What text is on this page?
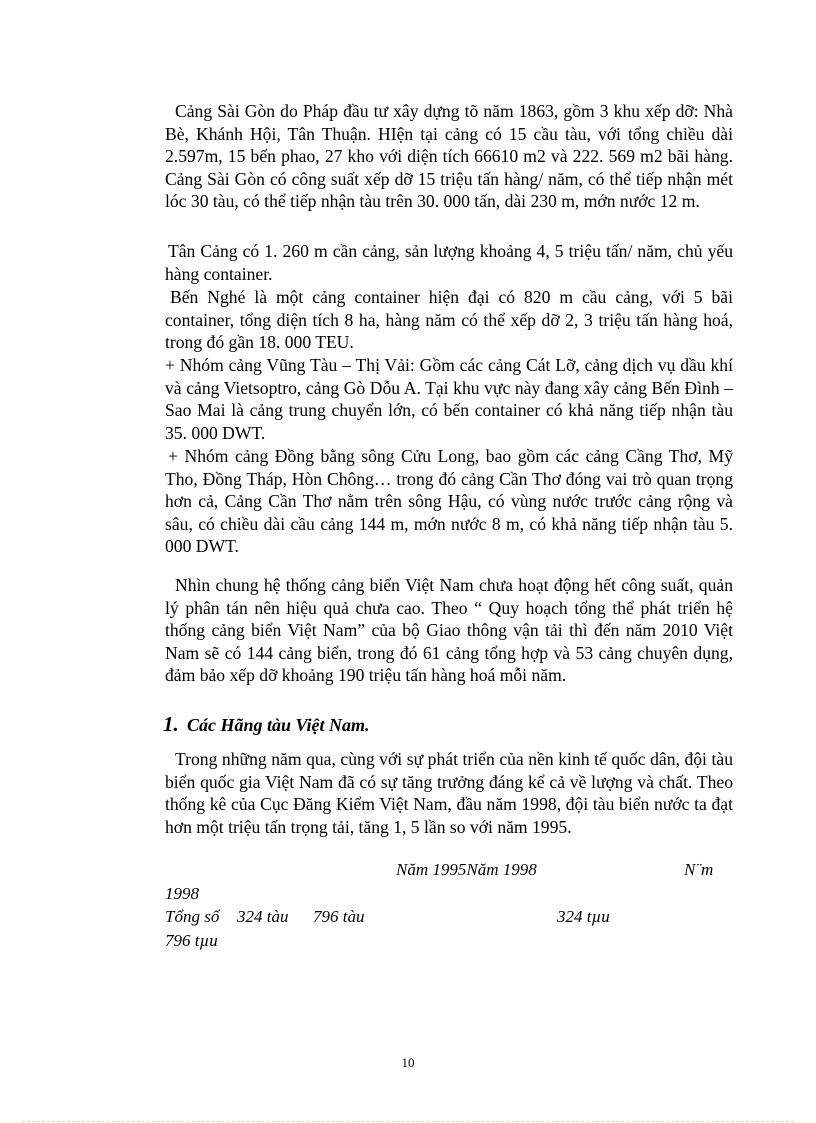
Cảng Sài Gòn do Pháp đầu tư xây dựng tõ năm 1863, gồm 3 khu xếp dỡ: Nhà Bè, Khánh Hội, Tân Thuận. HIện tại cảng có 15 cầu tàu, với tổng chiều dài 2.597m, 15 bến phao, 27 kho với diện tích 66610 m2 và 222. 569 m2 bãi hàng. Cảng Sài Gòn có công suất xếp dỡ 15 triệu tấn hàng/ năm, có thể tiếp nhận mét lóc 30 tàu, có thể tiếp nhận tàu trên 30. 000 tấn, dài 230 m, mớn nước 12 m.

Tân Cảng có 1. 260 m cần cảng, sản lượng khoảng 4, 5 triệu tấn/ năm, chủ yếu hàng container.

Bến Nghé là một cảng container hiện đại có 820 m cầu cảng, với 5 bãi container, tổng diện tích 8 ha, hàng năm có thể xếp dỡ 2, 3 triệu tấn hàng hoá, trong đó gần 18. 000 TEU.

+ Nhóm cảng Vũng Tàu – Thị Vải: Gồm các cảng Cát Lỡ, cảng dịch vụ dầu khí và cảng Vietsoptro, cảng Gò Dỗu A. Tại khu vực này đang xây cảng Bến Đình – Sao Mai là cảng trung chuyển lớn, có bến container có khả năng tiếp nhận tàu 35. 000 DWT.

+ Nhóm cảng Đồng bằng sông Cửu Long, bao gồm các cảng Cầng Thơ, Mỹ Tho, Đồng Tháp, Hòn Chông… trong đó cảng Cần Thơ đóng vai trò quan trọng hơn cả, Cảng Cần Thơ nằm trên sông Hậu, có vùng nước trước cảng rộng và sâu, có chiều dài cầu cảng 144 m, mớn nước 8 m, có khả năng tiếp nhận tàu 5. 000 DWT.

Nhìn chung hệ thống cảng biển Việt Nam chưa hoạt động hết công suất, quản lý phân tán nên hiệu quả chưa cao. Theo “ Quy hoạch tổng thể phát triển hệ thống cảng biển Việt Nam” của bộ Giao thông vận tải thì đến năm 2010 Việt Nam sẽ có 144 cảng biển, trong đó 61 cảng tổng hợp và 53 cảng chuyên dụng, đảm bảo xếp dỡ khoảng 190 triệu tấn hàng hoá mỗi năm.

1. Các Hãng tàu Việt Nam.

Trong những năm qua, cùng với sự phát triển của nền kinh tế quốc dân, đội tàu biển quốc gia Việt Nam đã có sự tăng trưởng đáng kể cả về lượng và chất. Theo thống kê của Cục Đăng Kiểm Việt Nam, đầu năm 1998, đội tàu biển nước ta đạt hơn một triệu tấn trọng tải, tăng 1, 5 lần so với năm 1995.

Năm 1995Năm 1998	N¨m
1998
Tổng số 324 tàu 796 tàu	324 tµu
796 tµu
10
